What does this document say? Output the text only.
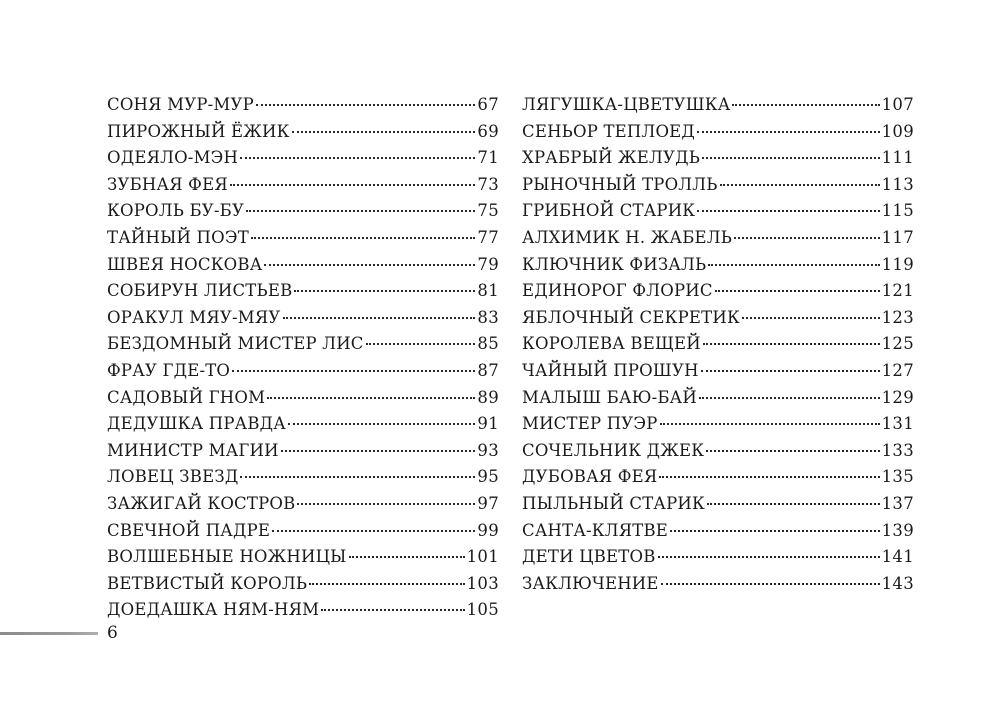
СОНЯ МУР-МУР	67
ПИРОЖНЫЙ ЁЖИК	69
ОДЕЯЛО-МЭН	71
ЗУБНАЯ ФЕЯ	73
КОРОЛЬ БУ-БУ	75
ТАЙНЫЙ ПОЭТ	77
ШВЕЯ НОСКОВА	79
СОБИРУН ЛИСТЬЕВ	81
ОРАКУЛ МЯУ-МЯУ	83
БЕЗДОМНЫЙ МИСТЕР ЛИС	85
ФРАУ ГДЕ-ТО	87
САДОВЫЙ ГНОМ	89
ДЕДУШКА ПРАВДА	91
МИНИСТР МАГИИ	93
ЛОВЕЦ ЗВЕЗД	95
ЗАЖИГАЙ КОСТРОВ	97
СВЕЧНОЙ ПАДРЕ	99
ВОЛШЕБНЫЕ НОЖНИЦЫ	101
ВЕТВИСТЫЙ КОРОЛЬ	103
ДОЕДАШКА НЯМ-НЯМ	105
ЛЯГУШКА-ЦВЕТУШКА	107
СЕНЬОР ТЕПЛОЕД	109
ХРАБРЫЙ ЖЕЛУДЬ	111
РЫНОЧНЫЙ ТРОЛЛЬ	113
ГРИБНОЙ СТАРИК	115
АЛХИМИК Н. ЖАБЕЛЬ	117
КЛЮЧНИК ФИЗАЛЬ	119
ЕДИНОРОГ ФЛОРИС	121
ЯБЛОЧНЫЙ СЕКРЕТИК	123
КОРОЛЕВА ВЕЩЕЙ	125
ЧАЙНЫЙ ПРОШУН	127
МАЛЫШ БАЮ-БАЙ	129
МИСТЕР ПУЭР	131
СОЧЕЛЬНИК ДЖЕК	133
ДУБОВАЯ ФЕЯ	135
ПЫЛЬНЫЙ СТАРИК	137
САНТА-КЛЯТВЕ	139
ДЕТИ ЦВЕТОВ	141
ЗАКЛЮЧЕНИЕ	143
6
